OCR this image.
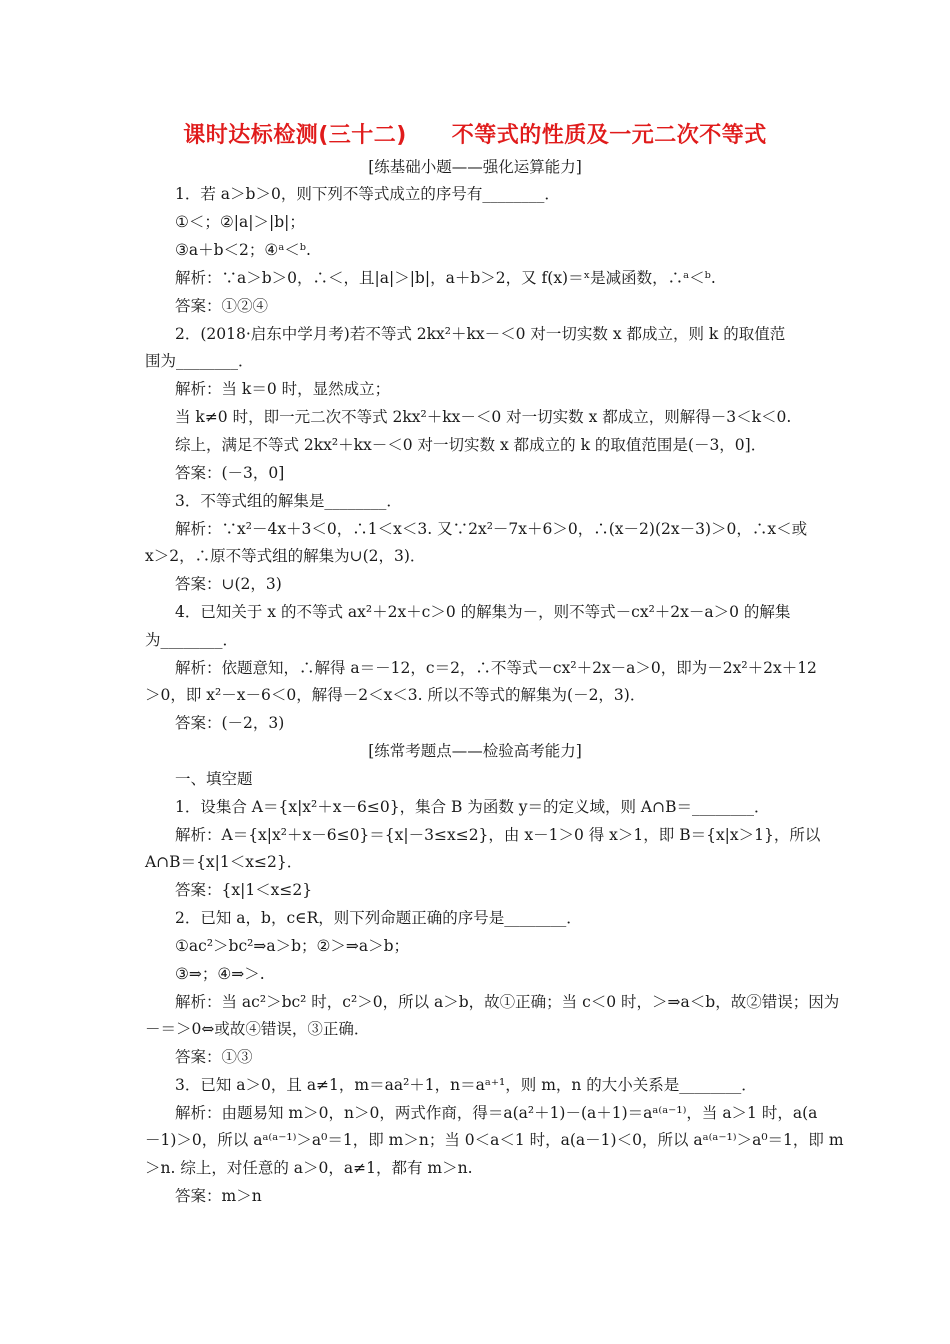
课时达标检测(三十二)　　不等式的性质及一元二次不等式
[练基础小题——强化运算能力]
1．若 a＞b＞0，则下列不等式成立的序号有________．
①＜；②|a|＞|b|；
③a＋b＜2；④ᵃ＜ᵇ.
解析：∵a＞b＞0，∴＜，且|a|＞|b|，a＋b＞2，又 f(x)＝ˣ是减函数，∴ᵃ＜ᵇ.
答案：①②④
2．(2018·启东中学月考)若不等式 2kx²＋kx－＜0 对一切实数 x 都成立，则 k 的取值范
围为________．
解析：当 k＝0 时，显然成立；
当 k≠0 时，即一元二次不等式 2kx²＋kx－＜0 对一切实数 x 都成立，则解得－3＜k＜0.
综上，满足不等式 2kx²＋kx－＜0 对一切实数 x 都成立的 k 的取值范围是(－3，0]．
答案：(－3，0]
3．不等式组的解集是________．
解析：∵x²－4x＋3＜0，∴1＜x＜3. 又∵2x²－7x＋6＞0，∴(x－2)(2x－3)＞0，∴x＜或
x＞2，∴原不等式组的解集为∪(2，3)．
答案：∪(2，3)
4．已知关于 x 的不等式 ax²＋2x＋c＞0 的解集为－，则不等式－cx²＋2x－a＞0 的解集
为________．
解析：依题意知，∴解得 a＝－12，c＝2，∴不等式－cx²＋2x－a＞0，即为－2x²＋2x＋12
＞0，即 x²－x－6＜0，解得－2＜x＜3. 所以不等式的解集为(－2，3)．
答案：(－2，3)
[练常考题点——检验高考能力]
一、填空题
1．设集合 A＝{x|x²＋x－6≤0}，集合 B 为函数 y＝的定义域，则 A∩B＝________．
解析：A＝{x|x²＋x－6≤0}＝{x|－3≤x≤2}，由 x－1＞0 得 x＞1，即 B＝{x|x＞1}，所以
A∩B＝{x|1＜x≤2}．
答案：{x|1＜x≤2}
2．已知 a，b，c∈R，则下列命题正确的序号是________．
①ac²＞bc²⇒a＞b；②＞⇒a＞b；
③⇒；④⇒＞.
解析：当 ac²＞bc² 时，c²＞0，所以 a＞b，故①正确；当 c＜0 时，＞⇒a＜b，故②错误；因为
－＝＞0⇔或故④错误，③正确．
答案：①③
3．已知 a＞0，且 a≠1，m＝aa²＋1，n＝aᵃ⁺¹，则 m，n 的大小关系是________．
解析：由题易知 m＞0，n＞0，两式作商，得＝a(a²＋1)－(a＋1)＝aᵃ⁽ᵃ⁻¹⁾，当 a＞1 时，a(a
－1)＞0，所以 aᵃ⁽ᵃ⁻¹⁾＞a⁰＝1，即 m＞n；当 0＜a＜1 时，a(a－1)＜0，所以 aᵃ⁽ᵃ⁻¹⁾＞a⁰＝1，即 m
＞n. 综上，对任意的 a＞0，a≠1，都有 m＞n.
答案：m＞n
